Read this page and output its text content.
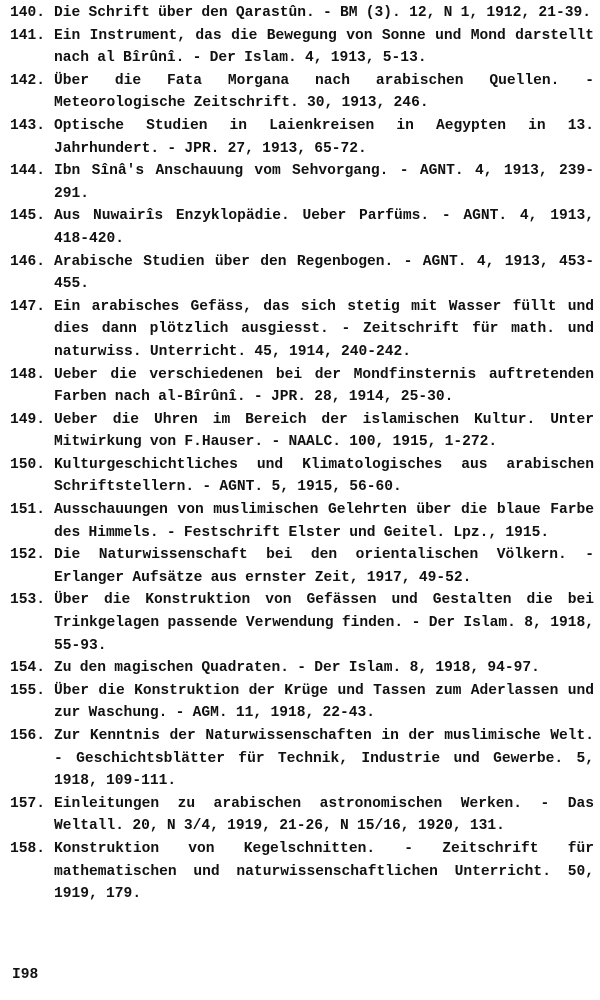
140. Die Schrift über den Qarastûn. - BM (3). 12, N 1, 1912, 21-39.
141. Ein Instrument, das die Bewegung von Sonne und Mond darstellt nach al Bîrûnî. - Der Islam. 4, 1913, 5-13.
142. Über die Fata Morgana nach arabischen Quellen. - Meteorologische Zeitschrift. 30, 1913, 246.
143. Optische Studien in Laienkreisen in Aegypten in 13. Jahrhundert. - JPR. 27, 1913, 65-72.
144. Ibn Sînâ's Anschauung vom Sehvorgang. - AGNT. 4, 1913, 239-291.
145. Aus Nuwairîs Enzyklopädie. Ueber Parfüms. - AGNT. 4, 1913, 418-420.
146. Arabische Studien über den Regenbogen. - AGNT. 4, 1913, 453-455.
147. Ein arabisches Gefäss, das sich stetig mit Wasser füllt und dies dann plötzlich ausgiesst. - Zeitschrift für math. und naturwiss. Unterricht. 45, 1914, 240-242.
148. Ueber die verschiedenen bei der Mondfinsternis auftretenden Farben nach al-Bîrûnî. - JPR. 28, 1914, 25-30.
149. Ueber die Uhren im Bereich der islamischen Kultur. Unter Mitwirkung von F.Hauser. - NAALC. 100, 1915, 1-272.
150. Kulturgeschichtliches und Klimatologisches aus arabischen Schriftstellern. - AGNT. 5, 1915, 56-60.
151. Ausschauungen von muslimischen Gelehrten über die blaue Farbe des Himmels. - Festschrift Elster und Geitel. Lpz., 1915.
152. Die Naturwissenschaft bei den orientalischen Völkern. - Erlanger Aufsätze aus ernster Zeit, 1917, 49-52.
153. Über die Konstruktion von Gefässen und Gestalten die bei Trinkgelagen passende Verwendung finden. - Der Islam. 8, 1918, 55-93.
154. Zu den magischen Quadraten. - Der Islam. 8, 1918, 94-97.
155. Über die Konstruktion der Krüge und Tassen zum Aderlassen und zur Waschung. - AGM. 11, 1918, 22-43.
156. Zur Kenntnis der Naturwissenschaften in der muslimische Welt. - Geschichtsblätter für Technik, Industrie und Gewerbe. 5, 1918, 109-111.
157. Einleitungen zu arabischen astronomischen Werken. - Das Weltall. 20, N 3/4, 1919, 21-26, N 15/16, 1920, 131.
158. Konstruktion von Kegelschnitten. - Zeitschrift für mathematischen und naturwissenschaftlichen Unterricht. 50, 1919, 179.
I98
